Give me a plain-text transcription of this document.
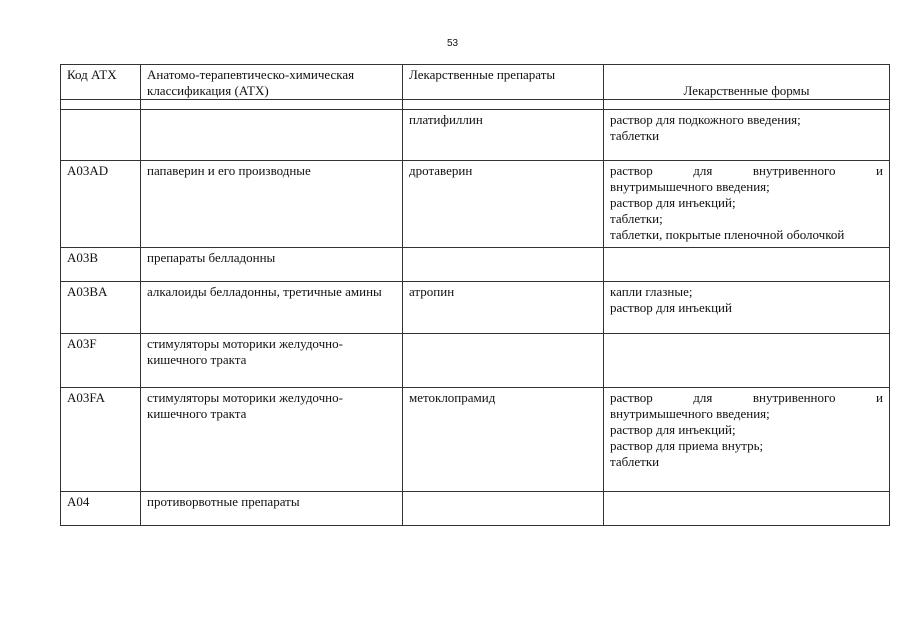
53
Код АТХ	Анатомо-терапевтическо-химическая классификация (АТХ)	Лекарственные препараты	Лекарственные формы

		платифиллин	раствор для подкожного введения;
таблетки

A03AD	папаверин и его производные	дротаверин	раствор для внутривенного и
внутримышечного введения;
раствор для инъекций;
таблетки;
таблетки, покрытые пленочной оболочкой

A03B	препараты белладонны		
A03BA	алкалоиды белладонны, третичные амины	атропин	капли глазные;
раствор для инъекций

A03F	стимуляторы моторики желудочно-кишечного тракта		
A03FA	стимуляторы моторики желудочно-кишечного тракта	метоклопрамид	раствор для внутривенного и
внутримышечного введения;
раствор для инъекций;
раствор для приема внутрь;
таблетки

A04	противорвотные препараты		
